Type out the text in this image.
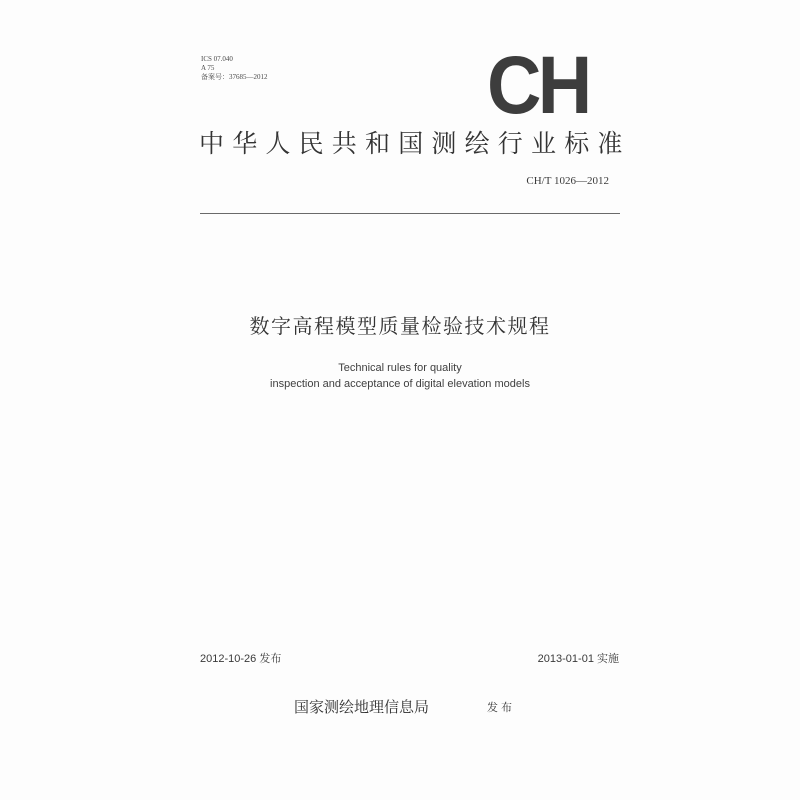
ICS 07.040
A 75
备案号：37685—2012	CH
中华人民共和国测绘行业标准
CH/T 1026—2012
数字高程模型质量检验技术规程
Technical rules for quality
inspection and acceptance of digital elevation models
2012-10-26 发布	2013-01-01 实施
国家测绘地理信息局	发布
